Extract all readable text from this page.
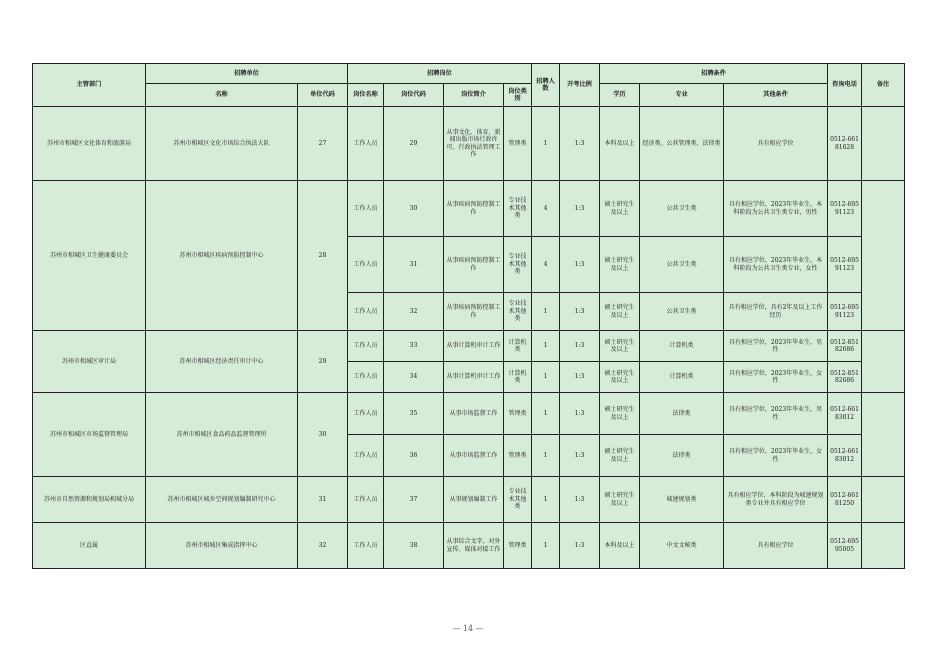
主管部门	招聘单位		招聘岗位				招聘人数	开考比例	招聘条件			咨询电话	备注
	名称	单位代码	岗位名称	岗位代码	岗位简介	岗位类别			学历	专业	其他条件		
苏州市相城区文化体育和旅游局	苏州市相城区文化市场综合执法大队	27	工作人员	29	从事文化、体育、新闻出版市场行政许可、行政执法管理工作	管理类	1	1:3	本科及以上	经济类、公共管理类、法律类	具有相应学位	0512-66181628	
苏州市相城区卫生健康委员会	苏州市相城区疾病预防控制中心	28	工作人员	30	从事疾病预防控制工作	专业技术其他类	4	1:3	硕士研究生及以上	公共卫生类	具有相应学位，2023年毕业生，本科阶段为公共卫生类专业，男性	0512-69591123	
			工作人员	31	从事疾病预防控制工作	专业技术其他类	4	1:3	硕士研究生及以上	公共卫生类	具有相应学位，2023年毕业生，本科阶段为公共卫生类专业，女性	0512-69591123	
			工作人员	32	从事疾病预防控制工作	专业技术其他类	1	1:3	硕士研究生及以上	公共卫生类	具有相应学位，具有2年及以上工作经历	0512-69591123	
苏州市相城区审计局	苏州市相城区经济责任审计中心	29	工作人员	33	从事计算机审计工作	计算机类	1	1:3	硕士研究生及以上	计算机类	具有相应学位，2023年毕业生，男性	0512-85182686	
			工作人员	34	从事计算机审计工作	计算机类	1	1:3	硕士研究生及以上	计算机类	具有相应学位，2023年毕业生，女性	0512-85182686	
苏州市相城区市场监督管理局	苏州市相城区食品药品监督管理所	30	工作人员	35	从事市场监督工作	管理类	1	1:3	硕士研究生及以上	法律类	具有相应学位，2023年毕业生，男性	0512-66183012	
			工作人员	36	从事市场监督工作	管理类	1	1:3	硕士研究生及以上	法律类	具有相应学位，2023年毕业生，女性	0512-66183012	
苏州市自然资源和规划局相城分局	苏州市相城区城乡空间规划编制研究中心	31	工作人员	37	从事规划编制工作	专业技术其他类	1	1:3	硕士研究生及以上	城建规划类	具有相应学位，本科阶段为城建规划类专业并具有相应学位	0512-66181250	
区直属	苏州市相城区集成指挥中心	32	工作人员	38	从事综合文字、对外宣传、媒体对接工作	管理类	1	1:3	本科及以上	中文文秘类	具有相应学位	0512-69595005	
— 14 —
